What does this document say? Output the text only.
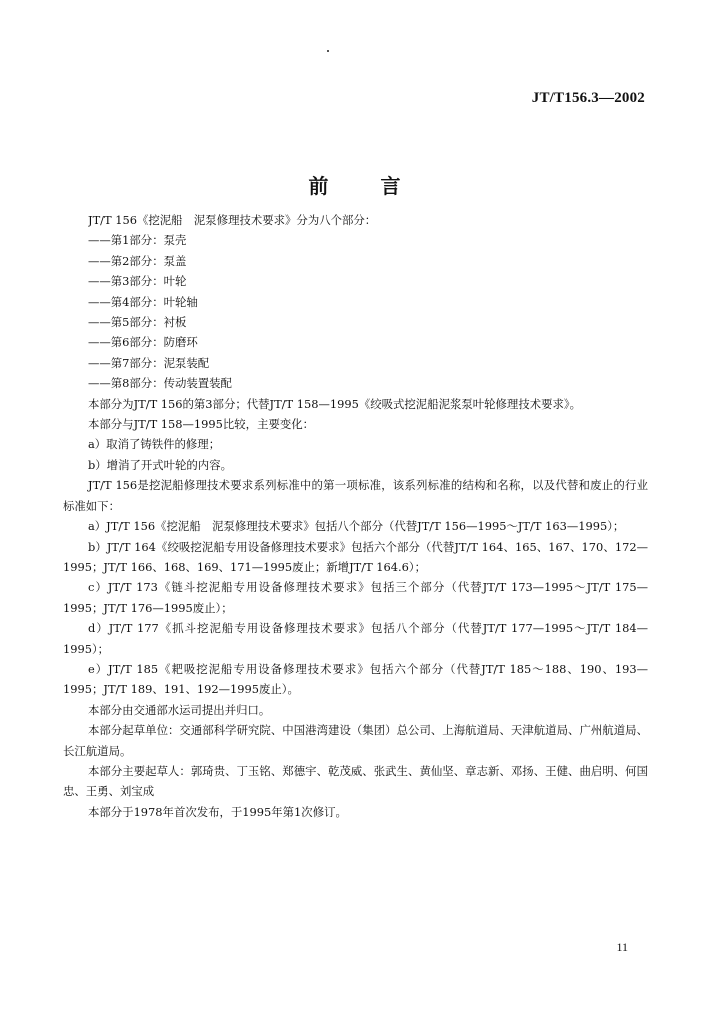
JT/T156.3—2002
前言

JT/T 156《挖泥船　泥泵修理技术要求》分为八个部分：

——第1部分：泵壳

——第2部分：泵盖

——第3部分：叶轮

——第4部分：叶轮轴

——第5部分：衬板

——第6部分：防磨环

——第7部分：泥泵装配

——第8部分：传动装置装配

本部分为JT/T 156的第3部分；代替JT/T 158—1995《绞吸式挖泥船泥浆泵叶轮修理技术要求》。

本部分与JT/T 158—1995比较，主要变化：

a）取消了铸铁件的修理；

b）增消了开式叶轮的内容。

JT/T 156是挖泥船修理技术要求系列标准中的第一项标准，该系列标准的结构和名称，以及代替和废止的行业标准如下：

a）JT/T 156《挖泥船　泥泵修理技术要求》包括八个部分（代替JT/T 156—1995～JT/T 163—1995）；

b）JT/T 164《绞吸挖泥船专用设备修理技术要求》包括六个部分（代替JT/T 164、165、167、170、172—1995；JT/T 166、168、169、171—1995废止；新增JT/T 164.6）；

c）JT/T 173《链斗挖泥船专用设备修理技术要求》包括三个部分（代替JT/T 173—1995～JT/T 175—1995；JT/T 176—1995废止）；

d）JT/T 177《抓斗挖泥船专用设备修理技术要求》包括八个部分（代替JT/T 177—1995～JT/T 184—1995）；

e）JT/T 185《耙吸挖泥船专用设备修理技术要求》包括六个部分（代替JT/T 185～188、190、193—1995；JT/T 189、191、192—1995废止）。

本部分由交通部水运司提出并归口。

本部分起草单位：交通部科学研究院、中国港湾建设（集团）总公司、上海航道局、天津航道局、广州航道局、长江航道局。

本部分主要起草人：郭琦贵、丁玉铭、郑德宇、乾茂威、张武生、黄仙坚、章志新、邓扬、王健、曲启明、何国忠、王勇、刘宝成

本部分于1978年首次发布，于1995年第1次修订。

11
